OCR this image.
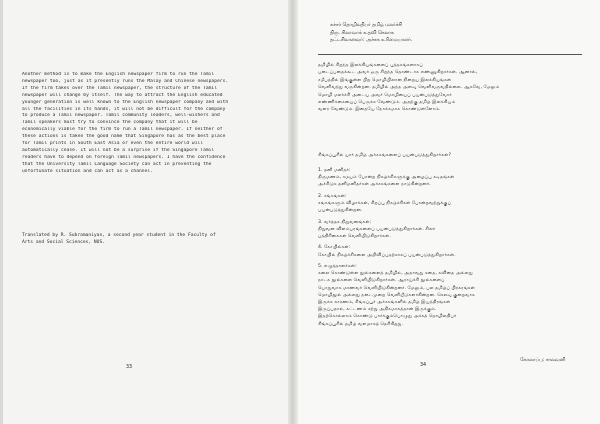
Another method is to make the English newspaper firm to run the Tamil
newspaper too, just as it presently runs the Malay and Chinese newspapers.
If the firm takes over the Tamil newspaper, the structure of the Tamil
newspaper will change by itself. The way to attract the English educated
younger generation is well known to the English newspaper company and with
all the facilities in its hands, it will not be difficult for the company
to produce a Tamil newspaper. Tamil community leaders, well-wishers and
Tamil speakers must try to convince the company that it will be
economically viable for the firm to run a Tamil newspaper. If neither of
these actions is taken the good name that Singapore has as the best place
for Tamil prints in South East Asia or even the entire world will
automatically cease. It will not be a surprise if the Singapore Tamil
readers have to depend on foreign Tamil newspapers. I have the confidence
that the University Tamil Language Society can act in preventing the
unfortunate situation and can act as a channel.

Translated by R. Subramaniyan, a second year student in the Faculty of
Arts and Social Sciences, NUS.

33
சுச்சர் தொழிலதிபர் தமிழ் மலர்ச்சி
திரு. சிலாவாக் உதவி செலாசு
தட்டசிலானவர்: அச்சக உரிமையாளர்.

தமிழில் சிறந்த இலக்கியங்களைப் புத்தகங்களாகப்
படைப்பதைக்கூட அவர் ஒரு சிறந்த தொண்டாக எண்ணுகிறார்கள். ஆனால்,
சமீபத்தில் இங்குள்ள பிற மொழியிலான நிறைய இலக்கியங்கள்
வெளிவந்து வருகின்றன. தமிழில் அந்த அளவு வெளிவருவதில்லை. ஆகவே, மேலும்
மொழி மலர்ச்சி அடைய அவர் மொழியைப் பயன்படுத்துவோர்
எண்ணிக்கையைப் பெருக்க வேண்டும். அதற்கு தமிழ் இலக்கியம்
வளர வேண்டும். இதையே நோக்கமாக கொண்டுள்ளோம்.

சிங்கப்பூரில் யார் தமிழ் அச்சகங்களைப் பயன்படுத்துகிறார்கள்?

1. தனி மனிதர்:
திருமணம், சமயம் போன்ற நிகழ்ச்சிகளுக்கு அழைப்பு கடிதங்கள்
அச்சிடுக தனிமனிதர்கள் அச்சகங்களை நாடுகின்றனர்.
2. சங்கங்கள்:
சங்கங்களும் விழாக்கள், சிறப்பு நிகழ்ச்சிகள் போன்றவற்றுக்குப்
பயன்படுத்துகின்றன.
3. வர்த்தக நிறுவனங்கள்:
நிறுவன விளம்பரங்களைப் பயன்படுத்துகிறார்கள். சிலர்
பத்திரிகைகள் வெளியிடுகிறார்கள்.
4. கோயில்கள்:
கோயில் நிகழ்ச்சிகளை அறிவிப்பதற்காகப் பயன்படுத்துகிறார்கள்.
5. எழுத்தாளர்கள்:
கலை கொண்டுள்ள நூல்களைத் தமிழில், அதாவது கதை, கவிதை அல்லது
நாடக நூல்களை வெளியிடுகிறார்கள். ஆராய்ச்சி நூல்களைப்
பொதுவாக மாணவர் வெளியிடுகின்றனர். மேலும், பல தமிழ்ப் பிரசுரங்கள்
மொழிநூல் அல்லது நடைமுறை வெளியீடுகளாகின்றன. செலவு குறைவாக
இருக்க காரணம், சிங்கப்பூர் அச்சகங்களில் தமிழ் இயந்திரங்கள்
இருப்பதால், கட்டணம் சற்று அதிகமாகத்தான் இருக்கும்.
இதற்கொல்லாம் கொண்டு பார்க்கும்பொழுது அச்சுத் தொழிலதிபர்
சிங்கப்பூரில் தமிழ் வளமாகத் தெரிகிறது.
கோலாப்பு: சாலவனி
34
